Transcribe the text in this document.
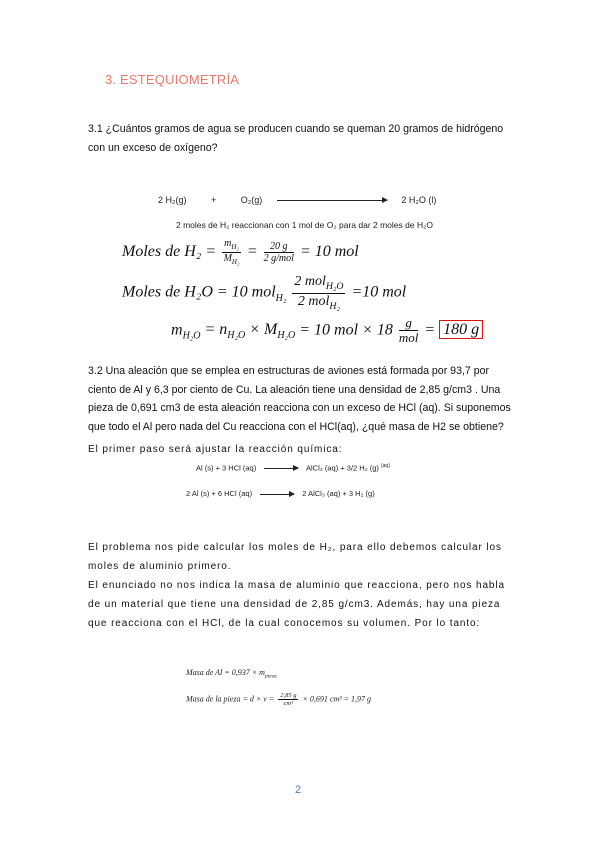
3. ESTEQUIOMETRÍA
3.1 ¿Cuántos gramos de agua se producen cuando se queman 20 gramos de hidrógeno con un exceso de oxígeno?
2 H₂(g)	+	O₂(g)	2 H₂O (l)
2 moles de H₂ reaccionan con 1 mol de O₂ para dar 2 moles de H₂O
Moles de $H_2 = \frac{m_{H_2}}{M_{H_2}} = \frac{20 g}{\text{2 g/mol}} = 10$ mol
Moles de H₂O = 10 $mol_{H_2} \frac{2 mol_{H_2O}}{2 mol_{H_2}} =10$ mol
$m_{H_2O} = n_{H_2O} \times M_{H_2O} = 10$ mol × $18 \frac{g}{\text{mol}} = 180$ g
3.2 Una aleación que se emplea en estructuras de aviones está formada por 93,7 por ciento de Al y 6,3 por ciento de Cu. La aleación tiene una densidad de 2,85 g/cm3 . Una pieza de 0,691 cm3 de esta aleación reacciona con un exceso de HCl (aq). Si suponemos que todo el Al pero nada del Cu reacciona con el HCl(aq), ¿qué masa de H2 se obtiene?
El primer paso será ajustar la reacción química:
Al (s) + 3 HCl (aq)	AlCl₃ (aq) + 3/2 H₂ (g) $^{(aq)}$
2 Al (s) + 6 HCl (aq)	2 AlCl₃ (aq) + 3 H₂ (g)
El problema nos pide calcular los moles de H₂, para ello debemos calcular los moles de aluminio primero.
El enunciado no nos indica la masa de aluminio que reacciona, pero nos habla de un material que tiene una densidad de 2,85 g/cm3. Además, hay una pieza que reacciona con el HCl, de la cual conocemos su volumen. Por lo tanto:
Masa de $Al = 0,937 \times m_{pieza}$
Masa de la pieza = $d \times v = \frac{2,85 g}{\text{cm³}} \times 0,691$ cm³ = 1,97 g
2
